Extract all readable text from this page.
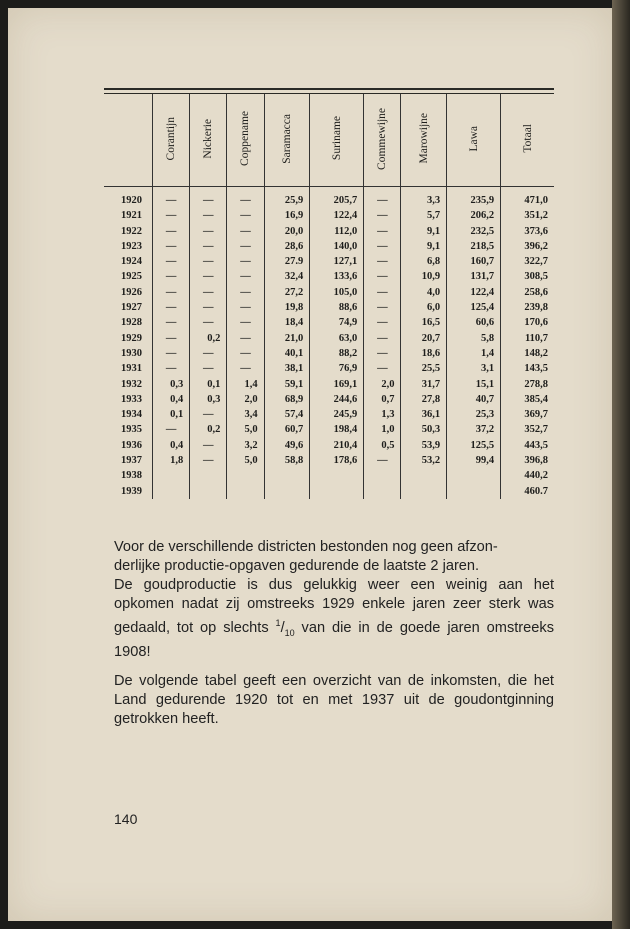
	Corantijn	Nickerie	Coppename	Saramacca	Suriname	Commewijne	Marowijne	Lawa	Totaal
1920	—	—	—	25,9	205,7	—	3,3	235,9	471,0
1921	—	—	—	16,9	122,4	—	5,7	206,2	351,2
1922	—	—	—	20,0	112,0	—	9,1	232,5	373,6
1923	—	—	—	28,6	140,0	—	9,1	218,5	396,2
1924	—	—	—	27.9	127,1	—	6,8	160,7	322,7
1925	—	—	—	32,4	133,6	—	10,9	131,7	308,5
1926	—	—	—	27,2	105,0	—	4,0	122,4	258,6
1927	—	—	—	19,8	88,6	—	6,0	125,4	239,8
1928	—	—	—	18,4	74,9	—	16,5	60,6	170,6
1929	—	0,2	—	21,0	63,0	—	20,7	5,8	110,7
1930	—	—	—	40,1	88,2	—	18,6	1,4	148,2
1931	—	—	—	38,1	76,9	—	25,5	3,1	143,5
1932	0,3	0,1	1,4	59,1	169,1	2,0	31,7	15,1	278,8
1933	0,4	0,3	2,0	68,9	244,6	0,7	27,8	40,7	385,4
1934	0,1	—	3,4	57,4	245,9	1,3	36,1	25,3	369,7
1935	—	0,2	5,0	60,7	198,4	1,0	50,3	37,2	352,7
1936	0,4	—	3,2	49,6	210,4	0,5	53,9	125,5	443,5
1937	1,8	—	5,0	58,8	178,6	—	53,2	99,4	396,8
1938									440,2
1939									460.7

Voor de verschillende districten bestonden nog geen afzon-
derlijke productie-opgaven gedurende de laatste 2 jaren.

De goudproductie is dus gelukkig weer een weinig aan het opkomen nadat zij omstreeks 1929 enkele jaren zeer sterk was gedaald, tot op slechts $^1/_{10}$ van die in de goede jaren omstreeks 1908!

De volgende tabel geeft een overzicht van de inkomsten, die het Land gedurende 1920 tot en met 1937 uit de goudontginning getrokken heeft.

140
